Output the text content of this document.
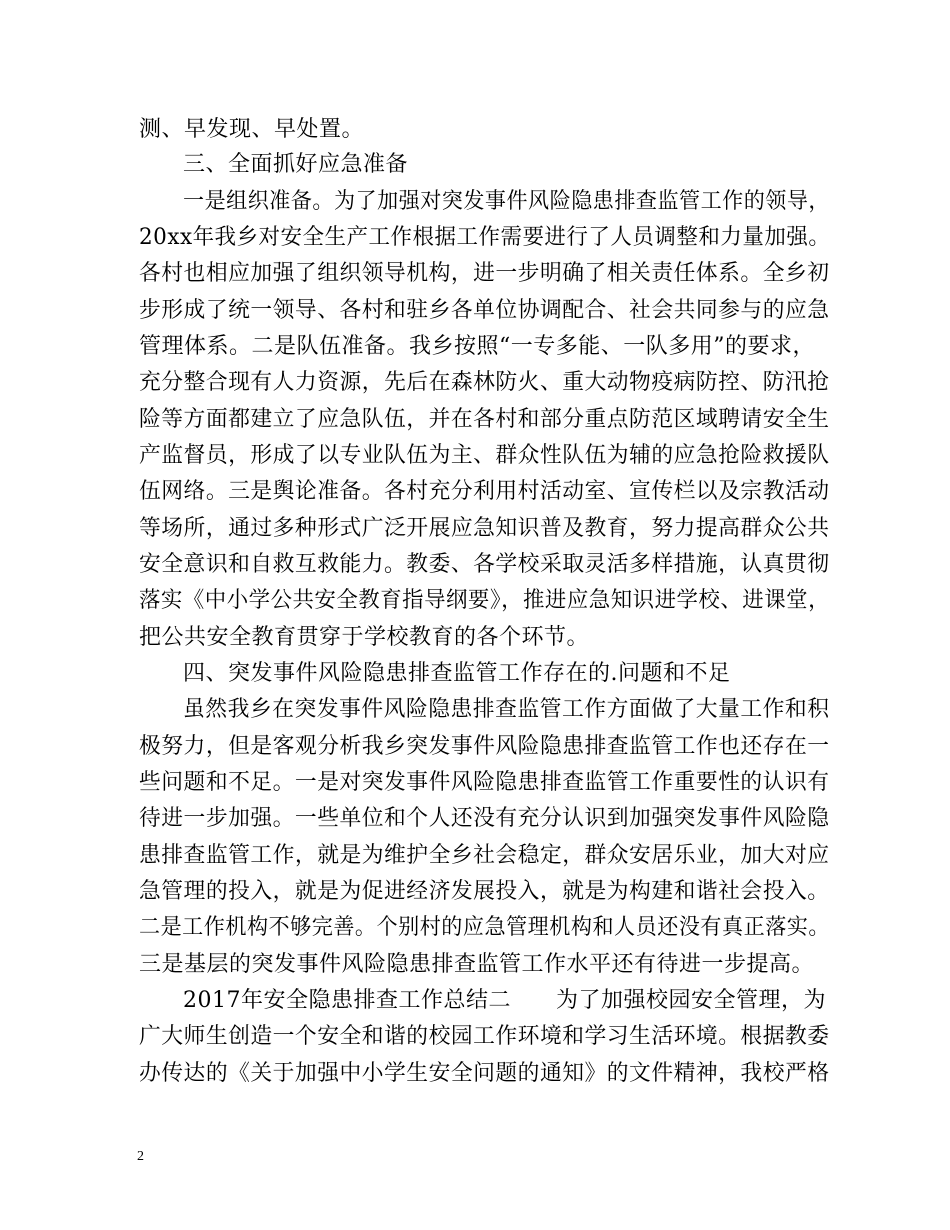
测、早发现、早处置。
三、全面抓好应急准备
一是组织准备。为了加强对突发事件风险隐患排查监管工作的领导，
20xx年我乡对安全生产工作根据工作需要进行了人员调整和力量加强。
各村也相应加强了组织领导机构，进一步明确了相关责任体系。全乡初
步形成了统一领导、各村和驻乡各单位协调配合、社会共同参与的应急
管理体系。二是队伍准备。我乡按照“一专多能、一队多用”的要求，
充分整合现有人力资源，先后在森林防火、重大动物疫病防控、防汛抢
险等方面都建立了应急队伍，并在各村和部分重点防范区域聘请安全生
产监督员，形成了以专业队伍为主、群众性队伍为辅的应急抢险救援队
伍网络。三是舆论准备。各村充分利用村活动室、宣传栏以及宗教活动
等场所，通过多种形式广泛开展应急知识普及教育，努力提高群众公共
安全意识和自救互救能力。教委、各学校采取灵活多样措施，认真贯彻
落实《中小学公共安全教育指导纲要》，推进应急知识进学校、进课堂，
把公共安全教育贯穿于学校教育的各个环节。
四、突发事件风险隐患排查监管工作存在的.问题和不足
虽然我乡在突发事件风险隐患排查监管工作方面做了大量工作和积
极努力，但是客观分析我乡突发事件风险隐患排查监管工作也还存在一
些问题和不足。一是对突发事件风险隐患排查监管工作重要性的认识有
待进一步加强。一些单位和个人还没有充分认识到加强突发事件风险隐
患排查监管工作，就是为维护全乡社会稳定，群众安居乐业，加大对应
急管理的投入，就是为促进经济发展投入，就是为构建和谐社会投入。
二是工作机构不够完善。个别村的应急管理机构和人员还没有真正落实。
三是基层的突发事件风险隐患排查监管工作水平还有待进一步提高。
2017年安全隐患排查工作总结二　　为了加强校园安全管理，为
广大师生创造一个安全和谐的校园工作环境和学习生活环境。根据教委
办传达的《关于加强中小学生安全问题的通知》的文件精神，我校严格
2
